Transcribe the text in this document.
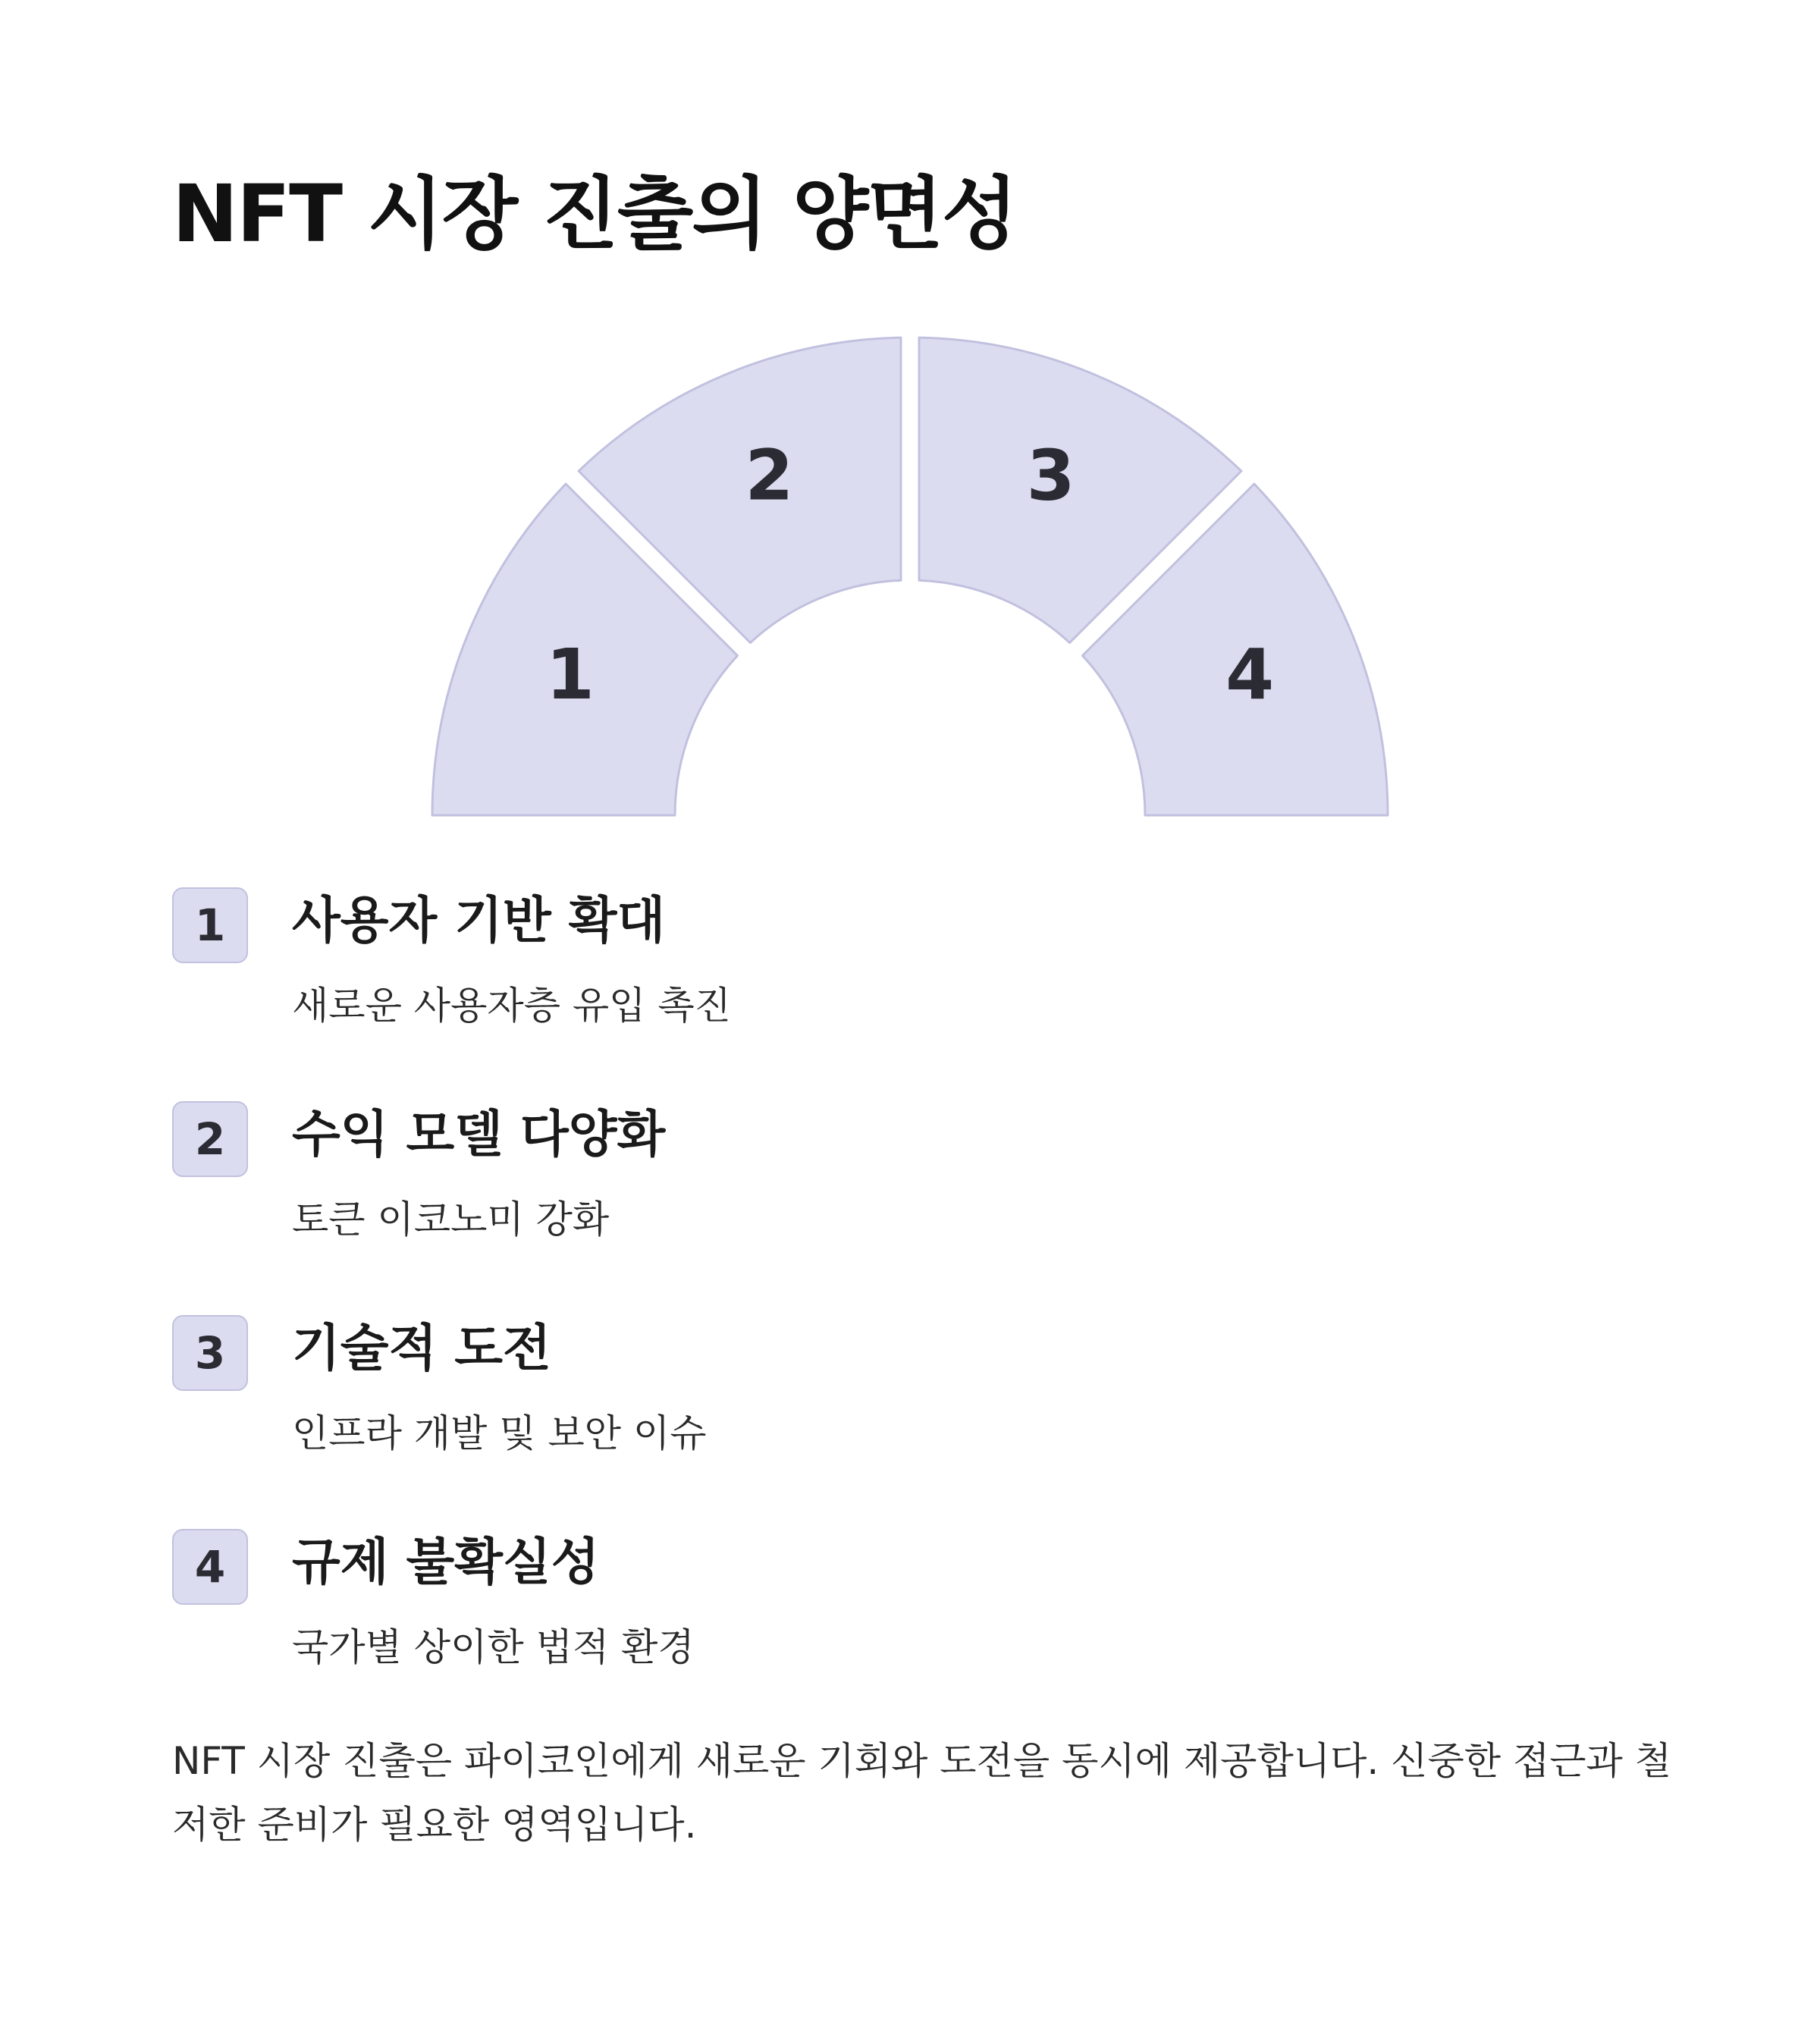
NFT 시장 진출의 양면성
1
2	3
4
1	사용자 기반 확대

새로운 사용자층 유입 촉진

2	수익 모델 다양화

토큰 이코노미 강화

3	기술적 도전

인프라 개발 및 보안 이슈

4	규제 불확실성

국가별 상이한 법적 환경

NFT 시장 진출은 파이코인에게 새로운 기회와 도전을 동시에 제공합니다. 신중한 접근과 철저한 준비가 필요한 영역입니다.
